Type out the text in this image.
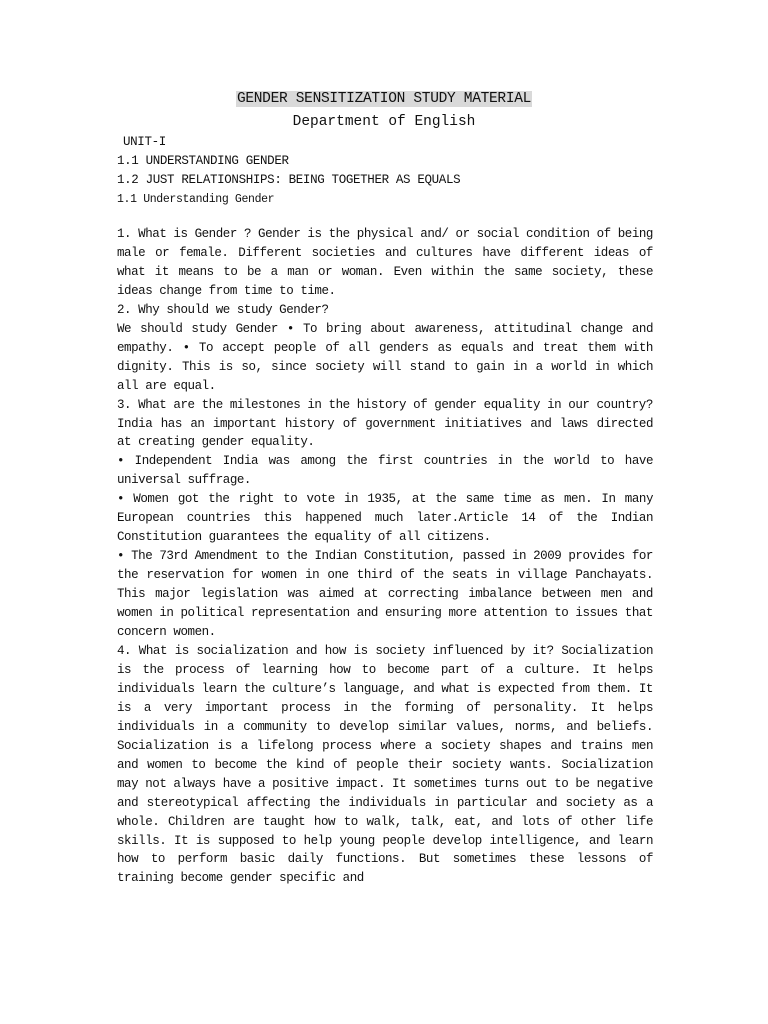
GENDER SENSITIZATION STUDY MATERIAL
Department of English
UNIT-I
1.1 UNDERSTANDING GENDER
1.2 JUST RELATIONSHIPS: BEING TOGETHER AS EQUALS
1.1 Understanding Gender

1. What is Gender ? Gender is the physical and/ or social condition of being male or female. Different societies and cultures have different ideas of what it means to be a man or woman. Even within the same society, these ideas change from time to time.

2. Why should we study Gender?

We should study Gender • To bring about awareness, attitudinal change and empathy. • To accept people of all genders as equals and treat them with dignity. This is so, since society will stand to gain in a world in which all are equal.

3. What are the milestones in the history of gender equality in our country?

India has an important history of government initiatives and laws directed at creating gender equality.

• Independent India was among the first countries in the world to have universal suffrage.

• Women got the right to vote in 1935, at the same time as men. In many European countries this happened much later.Article 14 of the Indian Constitution guarantees the equality of all citizens.

• The 73rd Amendment to the Indian Constitution, passed in 2009 provides for the reservation for women in one third of the seats in village Panchayats. This major legislation was aimed at correcting imbalance between men and women in political representation and ensuring more attention to issues that concern women.

4. What is socialization and how is society influenced by it? Socialization is the process of learning how to become part of a culture. It helps individuals learn the culture’s language, and what is expected from them. It is a very important process in the forming of personality. It helps individuals in a community to develop similar values, norms, and beliefs. Socialization is a lifelong process where a society shapes and trains men and women to become the kind of people their society wants. Socialization may not always have a positive impact. It sometimes turns out to be negative and stereotypical affecting the individuals in particular and society as a whole. Children are taught how to walk, talk, eat, and lots of other life skills. It is supposed to help young people develop intelligence, and learn how to perform basic daily functions. But sometimes these lessons of training become gender specific and
